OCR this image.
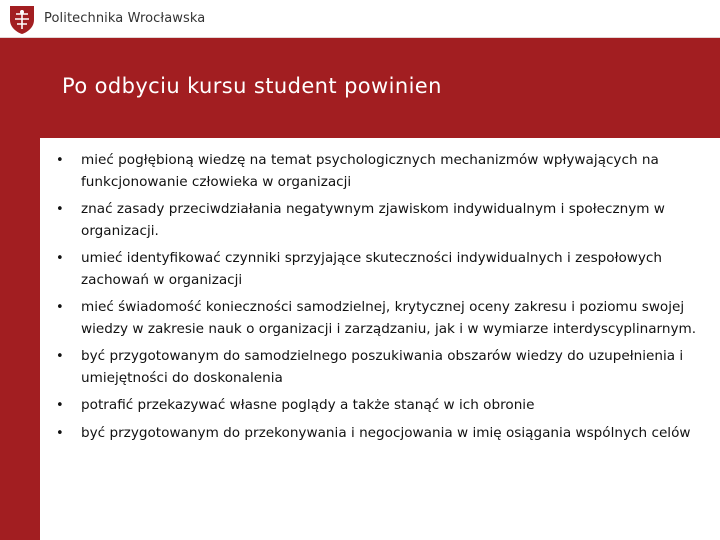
Politechnika Wrocławska
Po odbyciu kursu student powinien
•	mieć pogłębioną wiedzę na temat psychologicznych mechanizmów wpływających na funkcjonowanie człowieka w organizacji
•	znać zasady przeciwdziałania negatywnym zjawiskom indywidualnym i społecznym w organizacji.
•	umieć identyfikować czynniki sprzyjające skuteczności indywidualnych i zespołowych zachowań w organizacji
•	mieć świadomość konieczności samodzielnej, krytycznej oceny zakresu i poziomu swojej wiedzy w zakresie nauk o organizacji i zarządzaniu, jak i w wymiarze interdyscyplinarnym.
•	być przygotowanym do samodzielnego poszukiwania obszarów wiedzy do uzupełnienia i umiejętności do doskonalenia
•	potrafić przekazywać własne poglądy a także stanąć w ich obronie
•	być przygotowanym do przekonywania i negocjowania w imię osiągania wspólnych celów
